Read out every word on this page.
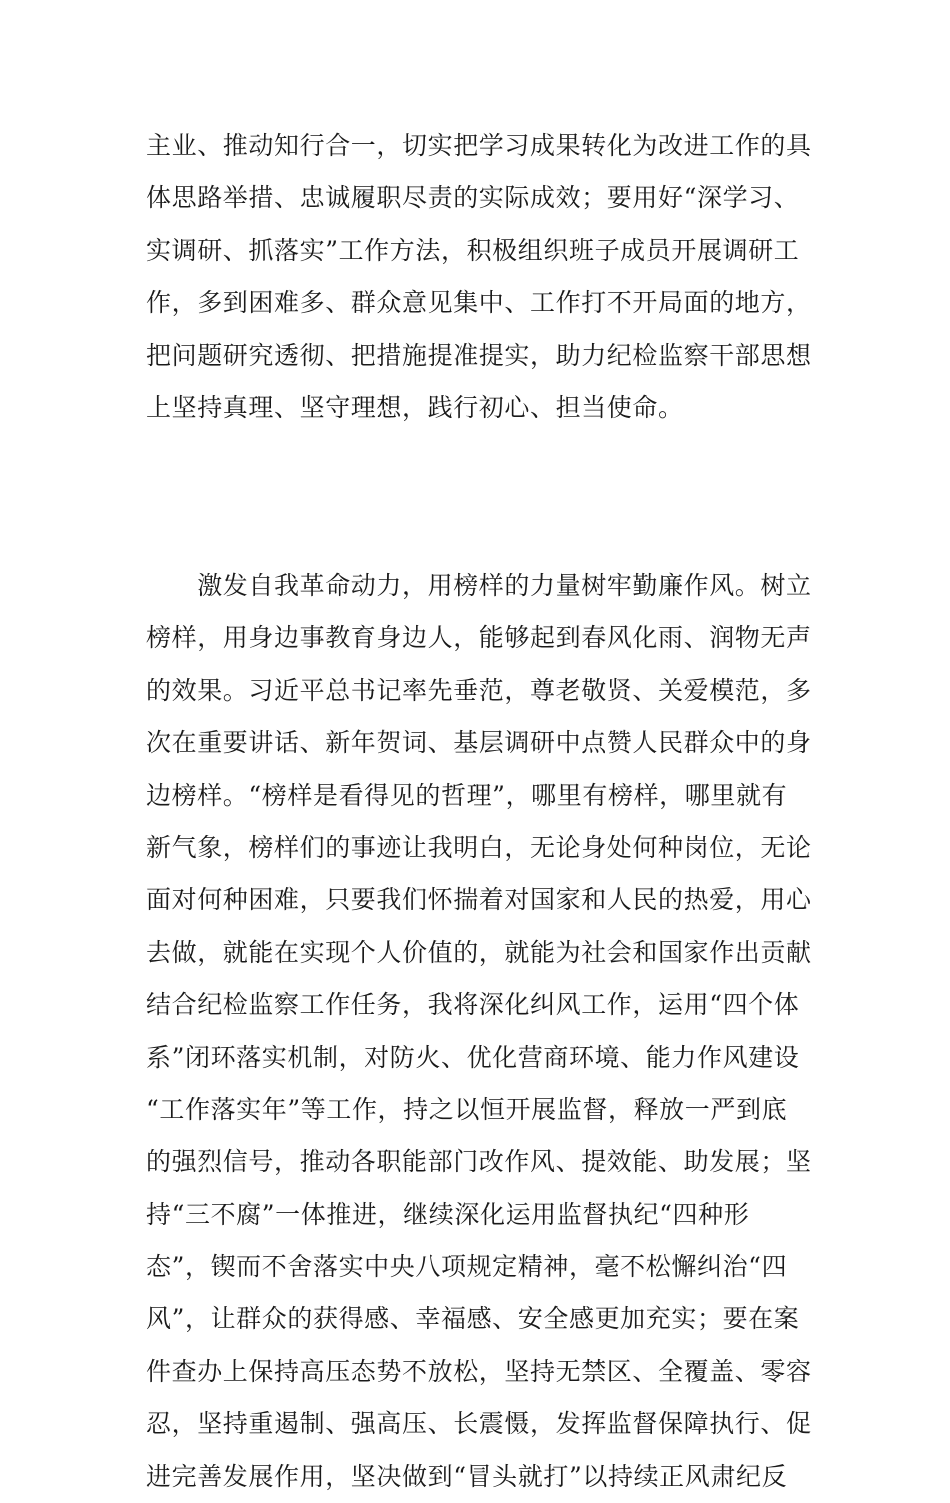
主业、推动知行合一，切实把学习成果转化为改进工作的具
体思路举措、忠诚履职尽责的实际成效；要用好“深学习、
实调研、抓落实”工作方法，积极组织班子成员开展调研工
作，多到困难多、群众意见集中、工作打不开局面的地方，
把问题研究透彻、把措施提准提实，助力纪检监察干部思想
上坚持真理、坚守理想，践行初心、担当使命。
　　激发自我革命动力，用榜样的力量树牢勤廉作风。树立
榜样，用身边事教育身边人，能够起到春风化雨、润物无声
的效果。习近平总书记率先垂范，尊老敬贤、关爱模范，多
次在重要讲话、新年贺词、基层调研中点赞人民群众中的身
边榜样。“榜样是看得见的哲理”，哪里有榜样，哪里就有
新气象，榜样们的事迹让我明白，无论身处何种岗位，无论
面对何种困难，只要我们怀揣着对国家和人民的热爱，用心
去做，就能在实现个人价值的，就能为社会和国家作出贡献
结合纪检监察工作任务，我将深化纠风工作，运用“四个体
系”闭环落实机制，对防火、优化营商环境、能力作风建设
“工作落实年”等工作，持之以恒开展监督，释放一严到底
的强烈信号，推动各职能部门改作风、提效能、助发展；坚
持“三不腐”一体推进，继续深化运用监督执纪“四种形
态”，锲而不舍落实中央八项规定精神，毫不松懈纠治“四
风”，让群众的获得感、幸福感、安全感更加充实；要在案
件查办上保持高压态势不放松，坚持无禁区、全覆盖、零容
忍，坚持重遏制、强高压、长震慑，发挥监督保障执行、促
进完善发展作用，坚决做到“冒头就打”以持续正风肃纪反
